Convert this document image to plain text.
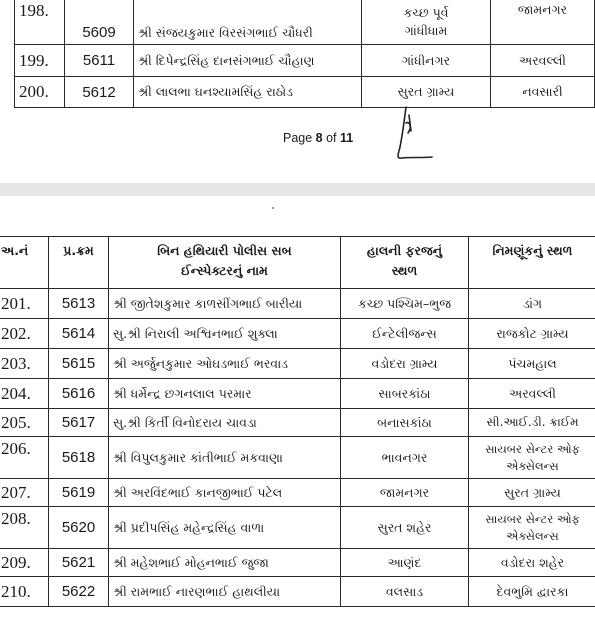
198.	5609	શ્રી સંજયકુમાર વિરસંગભાઈ ચૌધરી	કચ્છ પૂર્વ ગાંધીધામ	જામનગર
199.	5611	શ્રી દિપેન્દ્રસિંહ દાનસંગભાઈ ચૌહાણ	ગાંધીનગર	અરવલ્લી
200.	5612	શ્રી લાલભા ઘનશ્યામસિંહ રાઠોડ	સુરત ગ્રામ્ય	નવસારી
Page 8 of 11
અ.નં	પ્ર.ક્રમ	બિન હથિયારી પોલીસ સબ ઈન્સ્પેક્ટરનું નામ	હાલની ફરજનું સ્થળ	નિમણૂંકનું સ્થળ
201.	5613	શ્રી જીતેશકુમાર કાળસીંગભાઈ બારીયા	કચ્છ પશ્ચિમ–ભુજ	ડાંગ
202.	5614	સુ.શ્રી નિરાલી અશ્વિનભાઈ શુક્લા	ઈન્ટેલીજન્સ	રાજકોટ ગ્રામ્ય
203.	5615	શ્રી અર્જુનકુમાર ઓઘડભાઈ ભરવાડ	વડોદરા ગ્રામ્ય	પંચમહાલ
204.	5616	શ્રી ધર્મેન્દ્ર છગનલાલ પરમાર	સાબરકાંઠા	અરવલ્લી
205.	5617	સુ.શ્રી કિર્તી વિનોદરાય ચાવડા	બનાસકાંઠા	સી.આઈ.ડી. ક્રાઈમ
206.	5618	શ્રી વિપુલકુમાર કાંતીભાઈ મકવાણા	ભાવનગર	સાયબર સેન્ટર ઓફ એક્સેલન્સ
207.	5619	શ્રી અરવિંદભાઈ કાનજીભાઈ પટેલ	જામનગર	સુરત ગ્રામ્ય
208.	5620	શ્રી પ્રદીપસિંહ મહેન્દ્રસિંહ વાળા	સુરત શહેર	સાયબર સેન્ટર ઓફ એક્સેલન્સ
209.	5621	શ્રી મહેશભાઈ મોહનભાઈ જુજા	આણંદ	વડોદરા શહેર
210.	5622	શ્રી રામભાઈ નારણભાઈ હાથલીયા	વલસાડ	દેવભુમિ દ્વારકા
